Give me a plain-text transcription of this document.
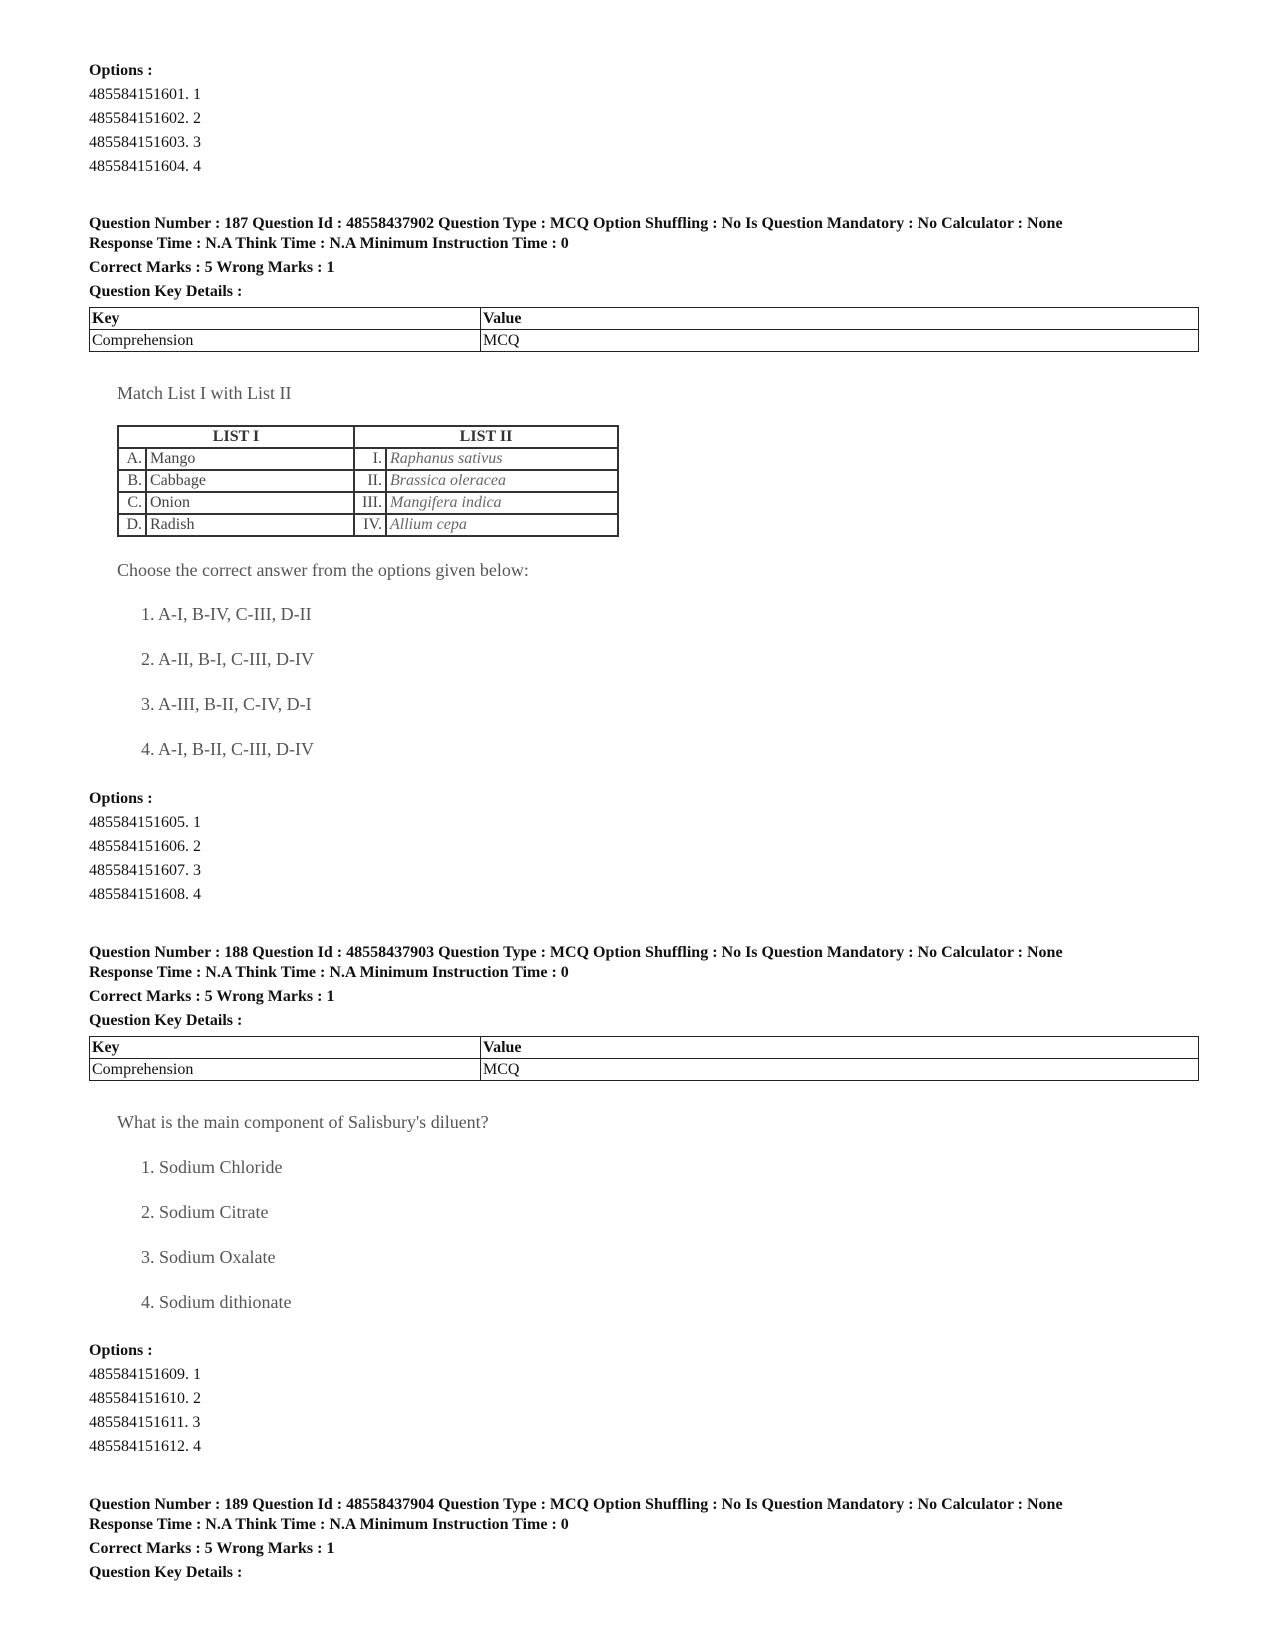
Options :
485584151601. 1
485584151602. 2
485584151603. 3
485584151604. 4
Question Number : 187 Question Id : 48558437902 Question Type : MCQ Option Shuffling : No Is Question Mandatory : No Calculator : None
Response Time : N.A Think Time : N.A Minimum Instruction Time : 0
Correct Marks : 5 Wrong Marks : 1
Question Key Details :
Key	Value
Comprehension	MCQ
Match List I with List II
LIST I		LIST II	
A.	Mango	I.	Raphanus sativus
B.	Cabbage	II.	Brassica oleracea
C.	Onion	III.	Mangifera indica
D.	Radish	IV.	Allium cepa
Choose the correct answer from the options given below:
1. A-I, B-IV, C-III, D-II
2. A-II, B-I, C-III, D-IV
3. A-III, B-II, C-IV, D-I
4. A-I, B-II, C-III, D-IV
Options :
485584151605. 1
485584151606. 2
485584151607. 3
485584151608. 4
Question Number : 188 Question Id : 48558437903 Question Type : MCQ Option Shuffling : No Is Question Mandatory : No Calculator : None
Response Time : N.A Think Time : N.A Minimum Instruction Time : 0
Correct Marks : 5 Wrong Marks : 1
Question Key Details :
Key	Value
Comprehension	MCQ
What is the main component of Salisbury's diluent?
1. Sodium Chloride
2. Sodium Citrate
3. Sodium Oxalate
4. Sodium dithionate
Options :
485584151609. 1
485584151610. 2
485584151611. 3
485584151612. 4
Question Number : 189 Question Id : 48558437904 Question Type : MCQ Option Shuffling : No Is Question Mandatory : No Calculator : None
Response Time : N.A Think Time : N.A Minimum Instruction Time : 0
Correct Marks : 5 Wrong Marks : 1
Question Key Details :
